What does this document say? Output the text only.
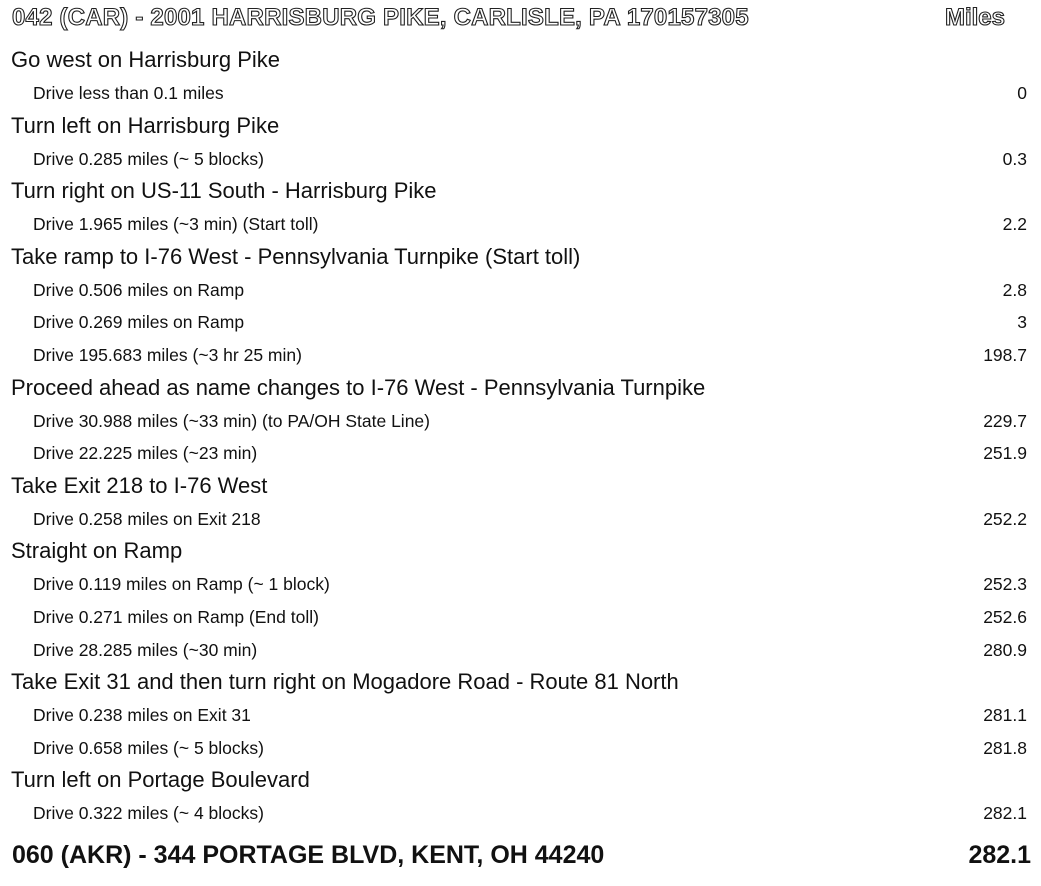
042 (CAR) - 2001 HARRISBURG PIKE, CARLISLE, PA 170157305	Miles
Go west on Harrisburg Pike
Drive less than 0.1 miles	0
Turn left on Harrisburg Pike
Drive 0.285 miles (~ 5 blocks)	0.3
Turn right on US-11 South - Harrisburg Pike
Drive 1.965 miles (~3 min) (Start toll)	2.2
Take ramp to I-76 West - Pennsylvania Turnpike (Start toll)
Drive 0.506 miles on Ramp	2.8
Drive 0.269 miles on Ramp	3
Drive 195.683 miles (~3 hr 25 min)	198.7
Proceed ahead as name changes to I-76 West - Pennsylvania Turnpike
Drive 30.988 miles (~33 min) (to PA/OH State Line)	229.7
Drive 22.225 miles (~23 min)	251.9
Take Exit 218 to I-76 West
Drive 0.258 miles on Exit 218	252.2
Straight on Ramp
Drive 0.119 miles on Ramp (~ 1 block)	252.3
Drive 0.271 miles on Ramp (End toll)	252.6
Drive 28.285 miles (~30 min)	280.9
Take Exit 31 and then turn right on Mogadore Road - Route 81 North
Drive 0.238 miles on Exit 31	281.1
Drive 0.658 miles (~ 5 blocks)	281.8
Turn left on Portage Boulevard
Drive 0.322 miles (~ 4 blocks)	282.1
060 (AKR) - 344 PORTAGE BLVD, KENT, OH 44240	282.1
